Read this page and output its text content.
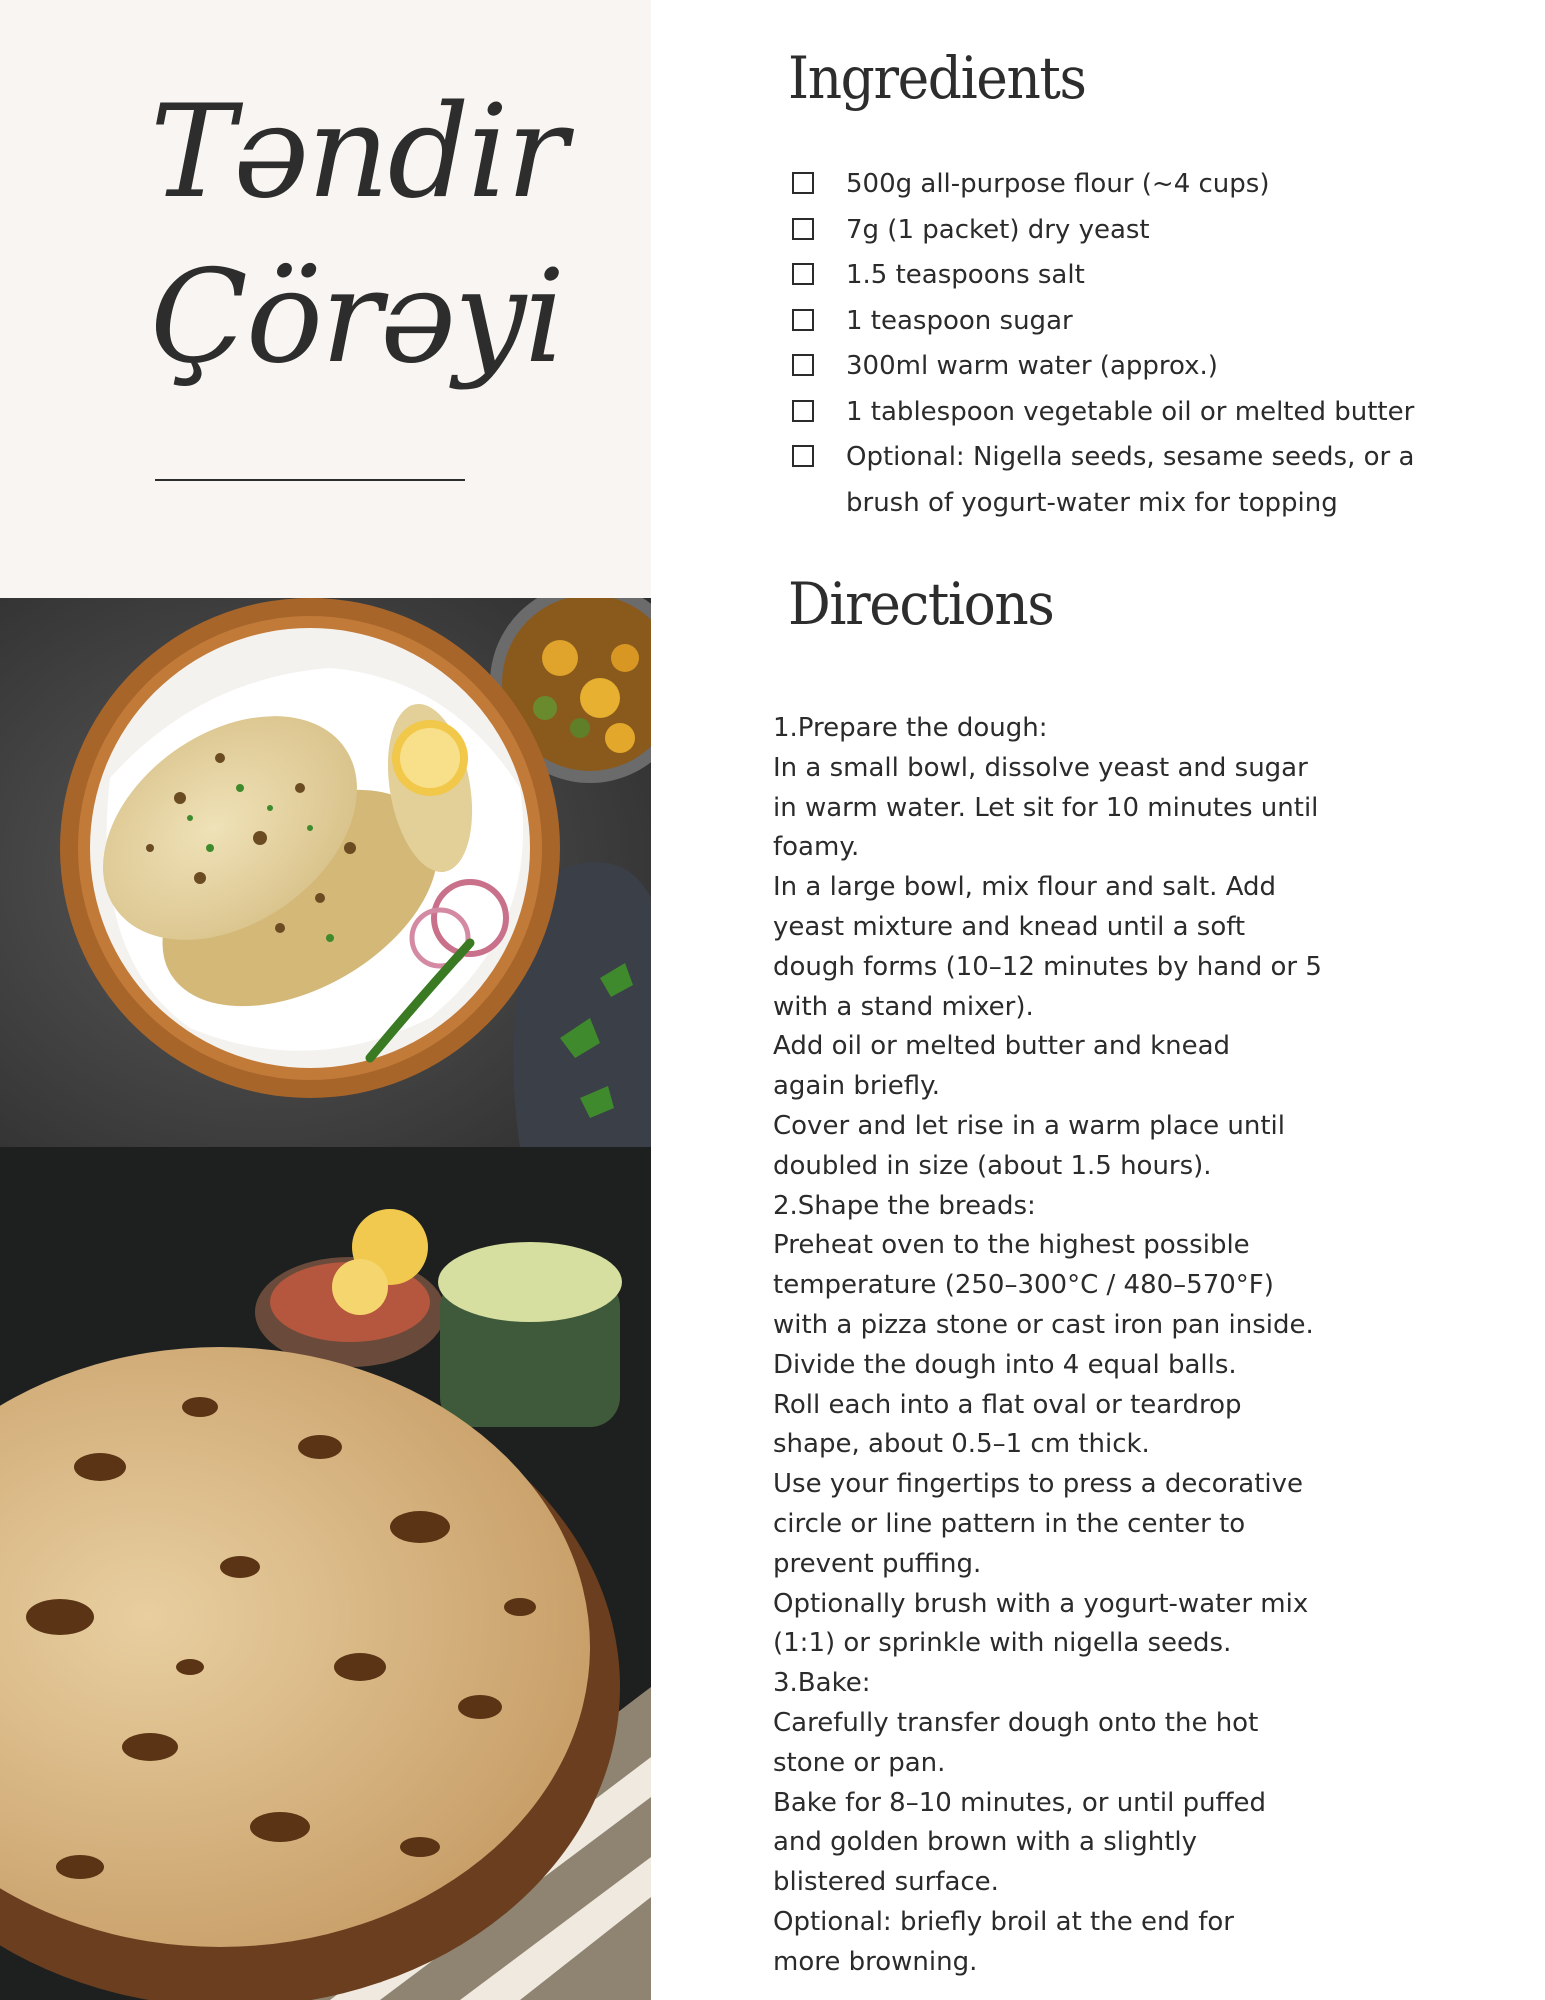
Təndir
Çörəyi
Ingredients
500g all-purpose flour (~4 cups)
7g (1 packet) dry yeast
1.5 teaspoons salt
1 teaspoon sugar
300ml warm water (approx.)
1 tablespoon vegetable oil or melted butter
Optional: Nigella seeds, sesame seeds, or a brush of yogurt-water mix for topping
Directions

1.Prepare the dough:

In a small bowl, dissolve yeast and sugar

in warm water. Let sit for 10 minutes until

foamy.

In a large bowl, mix flour and salt. Add

yeast mixture and knead until a soft

dough forms (10–12 minutes by hand or 5

with a stand mixer).

Add oil or melted butter and knead

again briefly.

Cover and let rise in a warm place until

doubled in size (about 1.5 hours).

2.Shape the breads:

Preheat oven to the highest possible

temperature (250–300°C / 480–570°F)

with a pizza stone or cast iron pan inside.

Divide the dough into 4 equal balls.

Roll each into a flat oval or teardrop

shape, about 0.5–1 cm thick.

Use your fingertips to press a decorative

circle or line pattern in the center to

prevent puffing.

Optionally brush with a yogurt-water mix

(1:1) or sprinkle with nigella seeds.

3.Bake:

Carefully transfer dough onto the hot

stone or pan.

Bake for 8–10 minutes, or until puffed

and golden brown with a slightly

blistered surface.

Optional: briefly broil at the end for

more browning.
